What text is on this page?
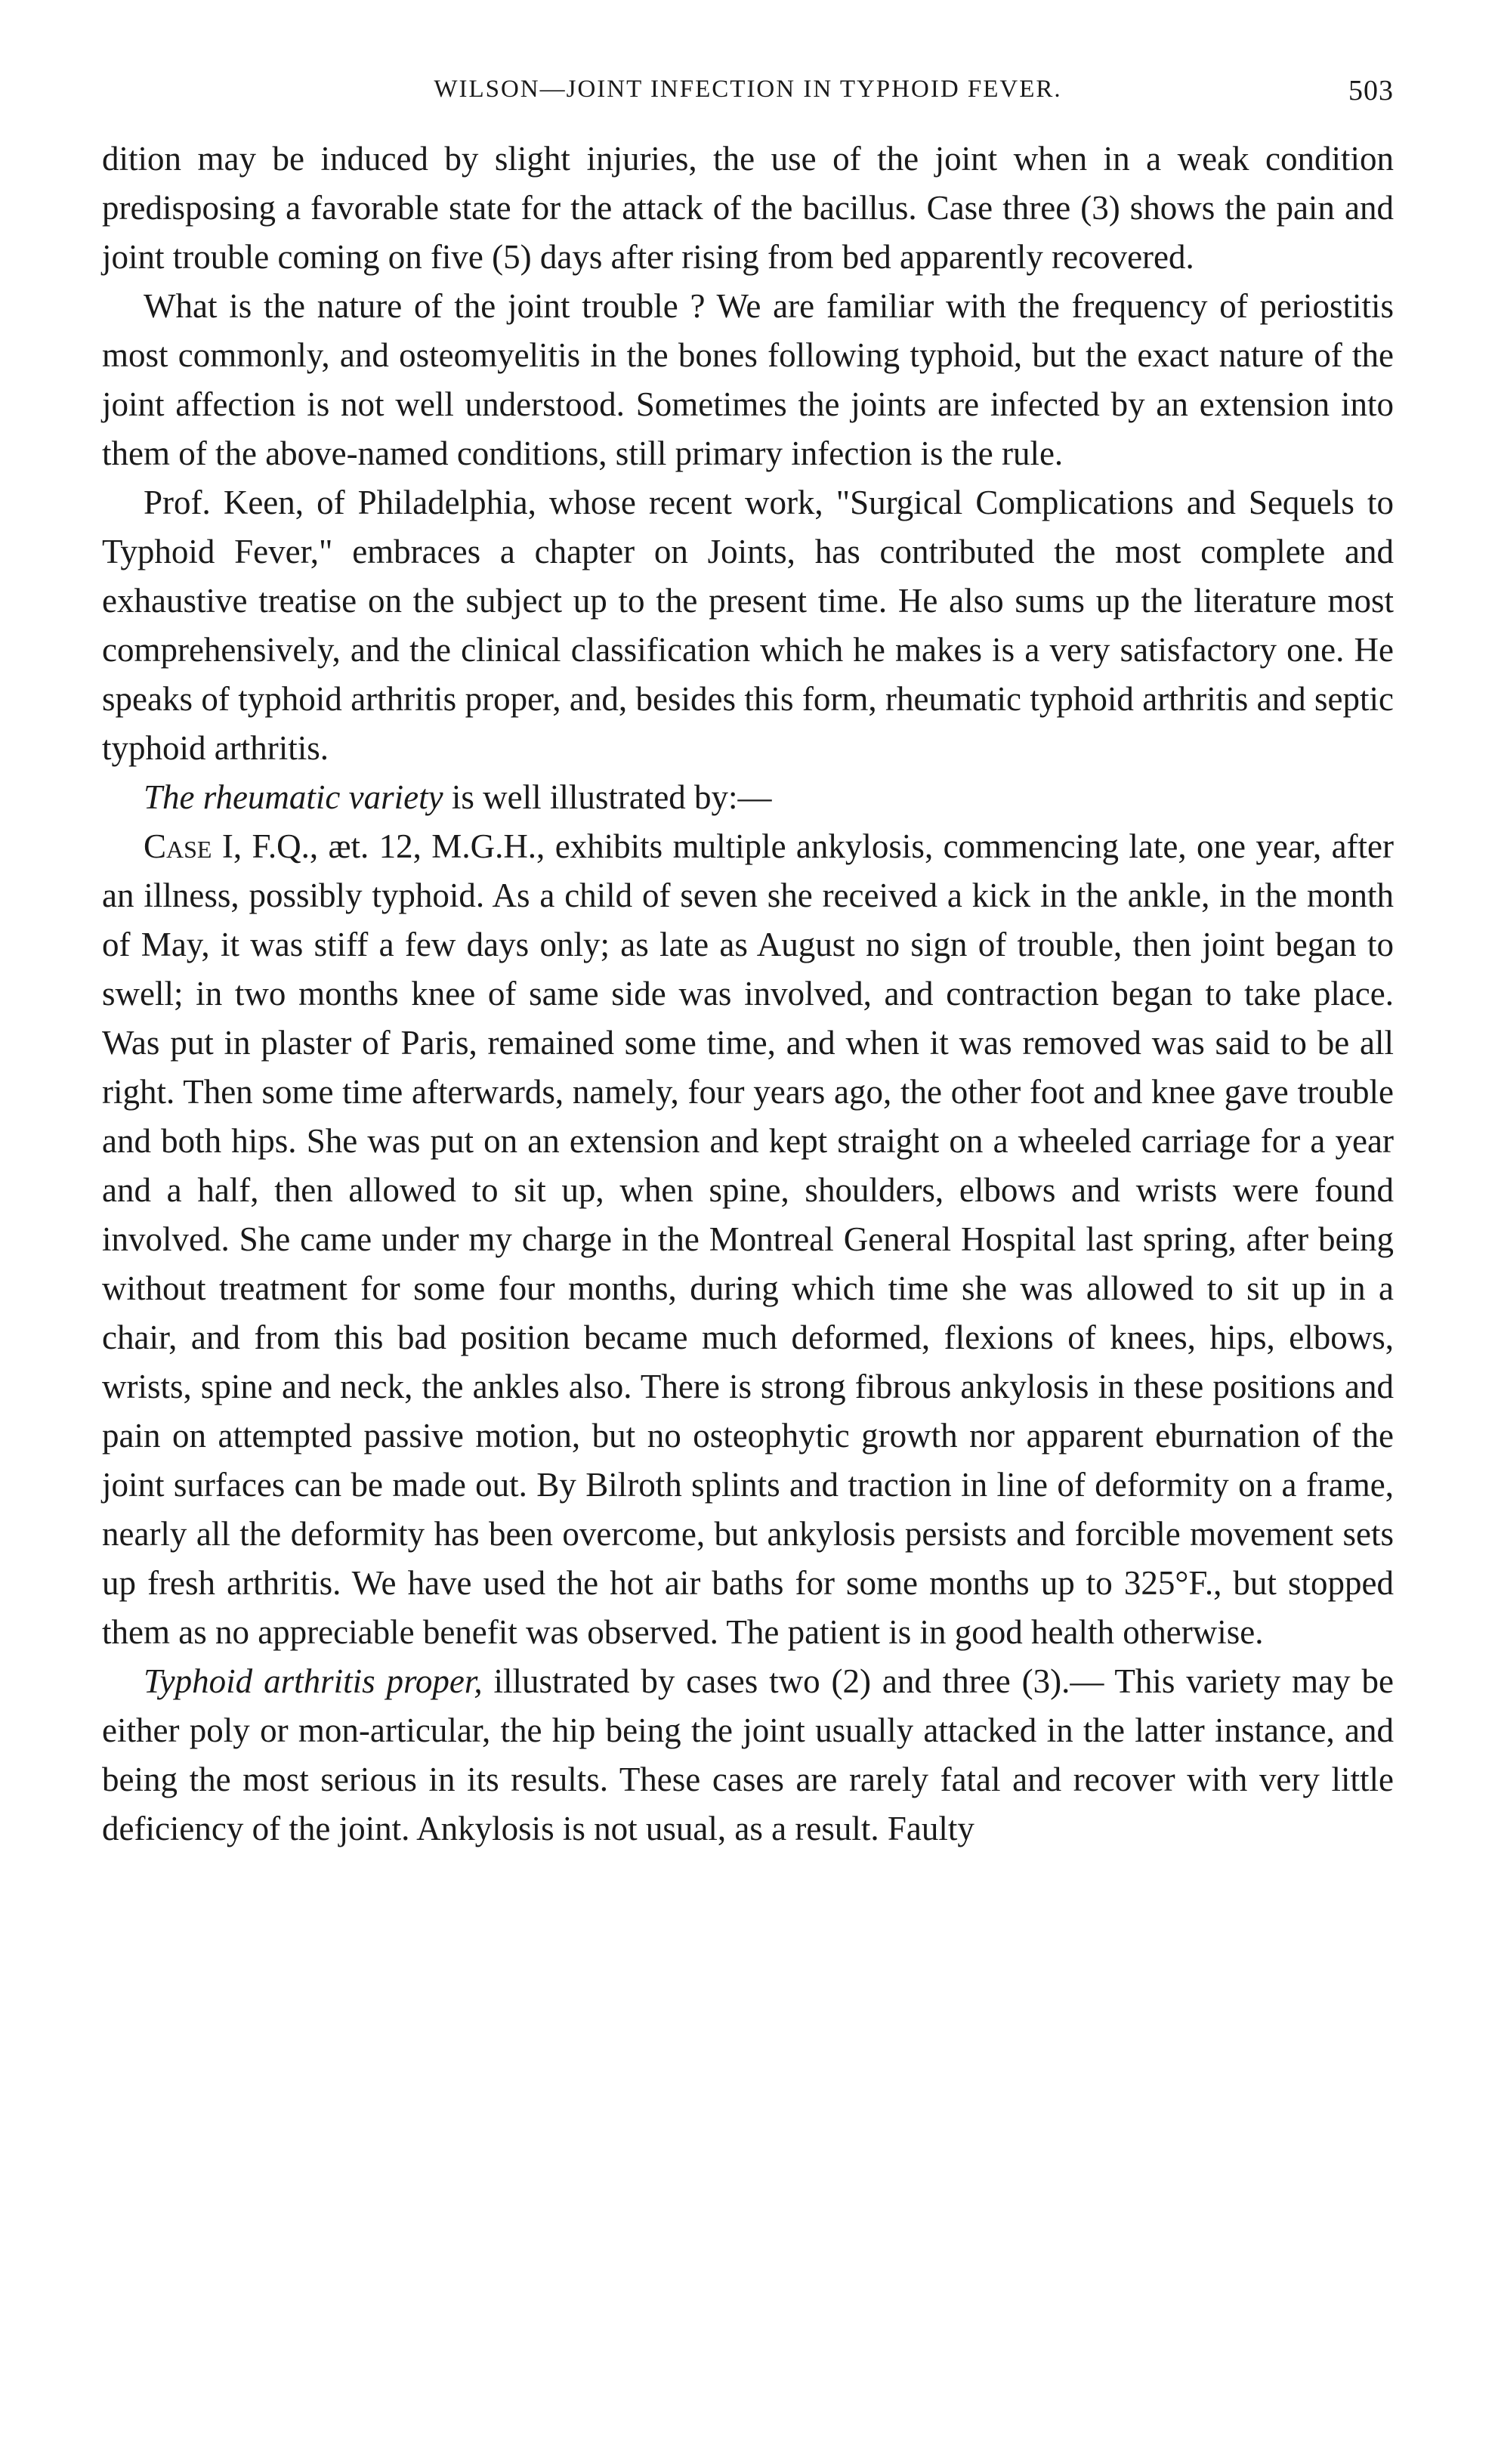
WILSON—JOINT INFECTION IN TYPHOID FEVER.	503

dition may be induced by slight injuries, the use of the joint when in a weak condition predisposing a favorable state for the attack of the bacillus. Case three (3) shows the pain and joint trouble coming on five (5) days after rising from bed apparently recovered.

What is the nature of the joint trouble ? We are familiar with the frequency of periostitis most commonly, and osteomyelitis in the bones following typhoid, but the exact nature of the joint affection is not well understood. Sometimes the joints are infected by an extension into them of the above-named conditions, still primary infection is the rule.

Prof. Keen, of Philadelphia, whose recent work, "Surgical Complications and Sequels to Typhoid Fever," embraces a chapter on Joints, has contributed the most complete and exhaustive treatise on the subject up to the present time. He also sums up the literature most comprehensively, and the clinical classification which he makes is a very satisfactory one. He speaks of typhoid arthritis proper, and, besides this form, rheumatic typhoid arthritis and septic typhoid arthritis.

The rheumatic variety is well illustrated by:—

Case I, F.Q., æt. 12, M.G.H., exhibits multiple ankylosis, commencing late, one year, after an illness, possibly typhoid. As a child of seven she received a kick in the ankle, in the month of May, it was stiff a few days only; as late as August no sign of trouble, then joint began to swell; in two months knee of same side was involved, and contraction began to take place. Was put in plaster of Paris, remained some time, and when it was removed was said to be all right. Then some time afterwards, namely, four years ago, the other foot and knee gave trouble and both hips. She was put on an extension and kept straight on a wheeled carriage for a year and a half, then allowed to sit up, when spine, shoulders, elbows and wrists were found involved. She came under my charge in the Montreal General Hospital last spring, after being without treatment for some four months, during which time she was allowed to sit up in a chair, and from this bad position became much deformed, flexions of knees, hips, elbows, wrists, spine and neck, the ankles also. There is strong fibrous ankylosis in these positions and pain on attempted passive motion, but no osteophytic growth nor apparent eburnation of the joint surfaces can be made out. By Bilroth splints and traction in line of deformity on a frame, nearly all the deformity has been overcome, but ankylosis persists and forcible movement sets up fresh arthritis. We have used the hot air baths for some months up to 325°F., but stopped them as no appreciable benefit was observed. The patient is in good health otherwise.

Typhoid arthritis proper, illustrated by cases two (2) and three (3).— This variety may be either poly or mon-articular, the hip being the joint usually attacked in the latter instance, and being the most serious in its results. These cases are rarely fatal and recover with very little deficiency of the joint. Ankylosis is not usual, as a result. Faulty
